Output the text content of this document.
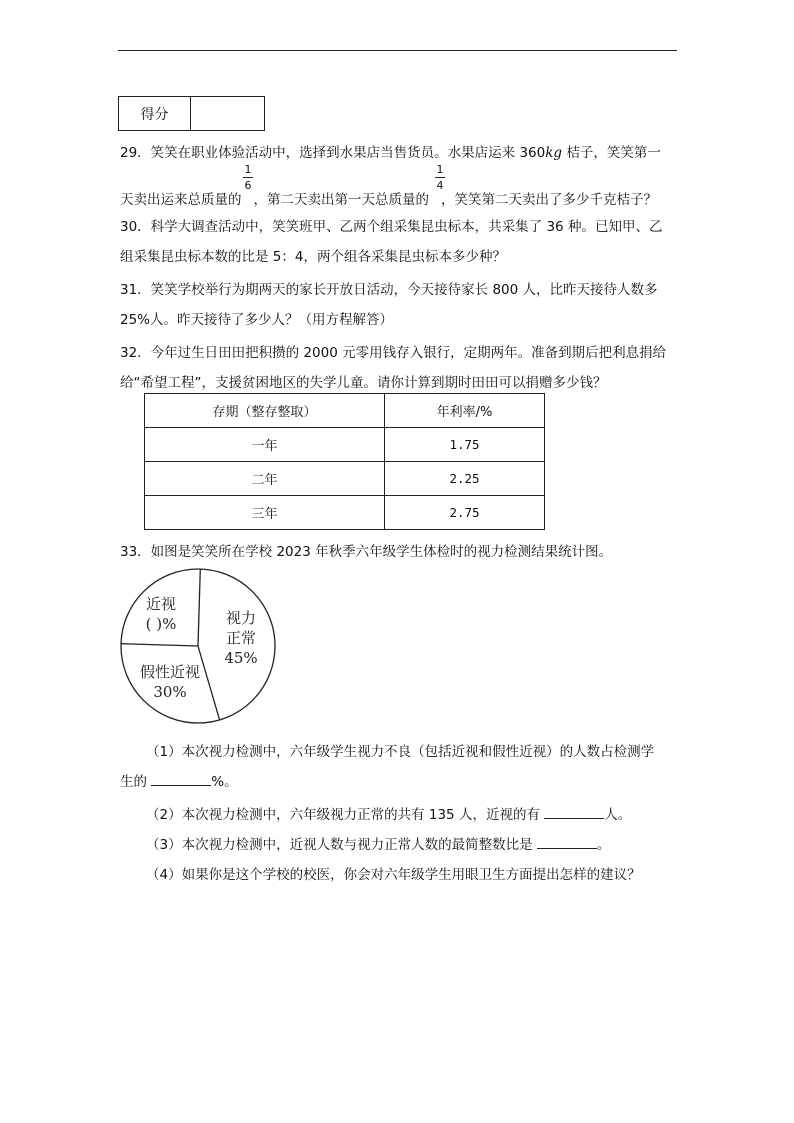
得分
29．笑笑在职业体验活动中，选择到水果店当售货员。水果店运来 360kg 桔子，笑笑第一
天卖出运来总质量的 ，第二天卖出第一天总质量的 ，笑笑第二天卖出了多少千克桔子？
1
6
1
4
30．科学大调查活动中，笑笑班甲、乙两个组采集昆虫标本，共采集了 36 种。已知甲、乙
组采集昆虫标本数的比是 5：4，两个组各采集昆虫标本多少种？
31．笑笑学校举行为期两天的家长开放日活动，今天接待家长 800 人，比昨天接待人数多
25%人。昨天接待了多少人？（用方程解答）
32．今年过生日田田把积攒的 2000 元零用钱存入银行，定期两年。准备到期后把利息捐给
给“希望工程”，支援贫困地区的失学儿童。请你计算到期时田田可以捐赠多少钱？
存期（整存整取）	年利率/%
一年	1.75
二年	2.25
三年	2.75
33．如图是笑笑所在学校 2023 年秋季六年级学生体检时的视力检测结果统计图。
视力
正常
45%
假性近视
30%
近视
( )%
（1）本次视力检测中，六年级学生视力不良（包括近视和假性近视）的人数占检测学
生的	%。
（2）本次视力检测中，六年级视力正常的共有 135 人，近视的有	人。
（3）本次视力检测中，近视人数与视力正常人数的最简整数比是	。
（4）如果你是这个学校的校医，你会对六年级学生用眼卫生方面提出怎样的建议？
